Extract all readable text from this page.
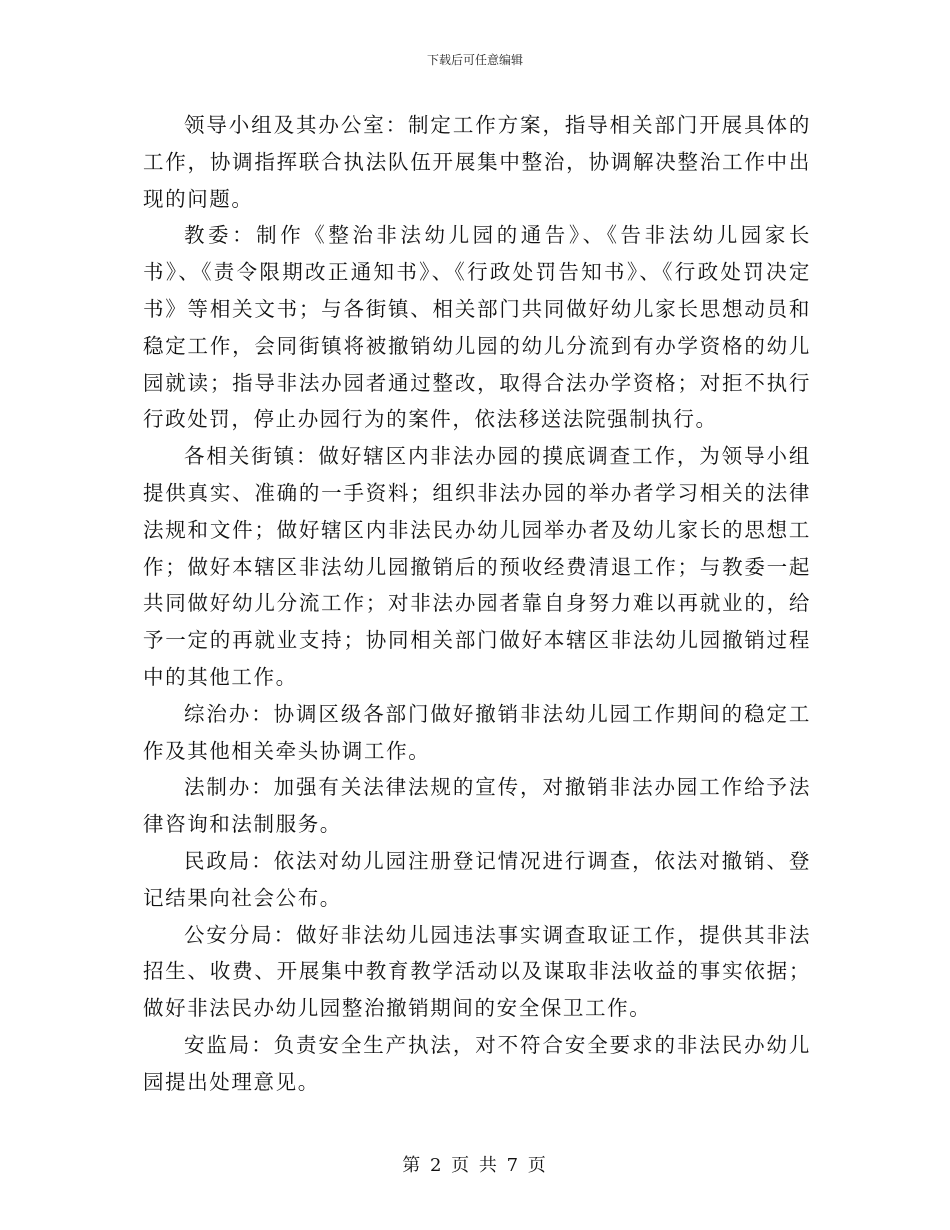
下载后可任意编辑

领导小组及其办公室：制定工作方案，指导相关部门开展具体的工作，协调指挥联合执法队伍开展集中整治，协调解决整治工作中出现的问题。

教委：制作《整治非法幼儿园的通告》、《告非法幼儿园家长书》、《责令限期改正通知书》、《行政处罚告知书》、《行政处罚决定书》等相关文书；与各街镇、相关部门共同做好幼儿家长思想动员和稳定工作，会同街镇将被撤销幼儿园的幼儿分流到有办学资格的幼儿园就读；指导非法办园者通过整改，取得合法办学资格；对拒不执行行政处罚，停止办园行为的案件，依法移送法院强制执行。

各相关街镇：做好辖区内非法办园的摸底调查工作，为领导小组提供真实、准确的一手资料；组织非法办园的举办者学习相关的法律法规和文件；做好辖区内非法民办幼儿园举办者及幼儿家长的思想工作；做好本辖区非法幼儿园撤销后的预收经费清退工作；与教委一起共同做好幼儿分流工作；对非法办园者靠自身努力难以再就业的，给予一定的再就业支持；协同相关部门做好本辖区非法幼儿园撤销过程中的其他工作。

综治办：协调区级各部门做好撤销非法幼儿园工作期间的稳定工作及其他相关牵头协调工作。

法制办：加强有关法律法规的宣传，对撤销非法办园工作给予法律咨询和法制服务。

民政局：依法对幼儿园注册登记情况进行调查，依法对撤销、登记结果向社会公布。

公安分局：做好非法幼儿园违法事实调查取证工作，提供其非法招生、收费、开展集中教育教学活动以及谋取非法收益的事实依据；做好非法民办幼儿园整治撤销期间的安全保卫工作。

安监局：负责安全生产执法，对不符合安全要求的非法民办幼儿园提出处理意见。

第 2 页 共 7 页
